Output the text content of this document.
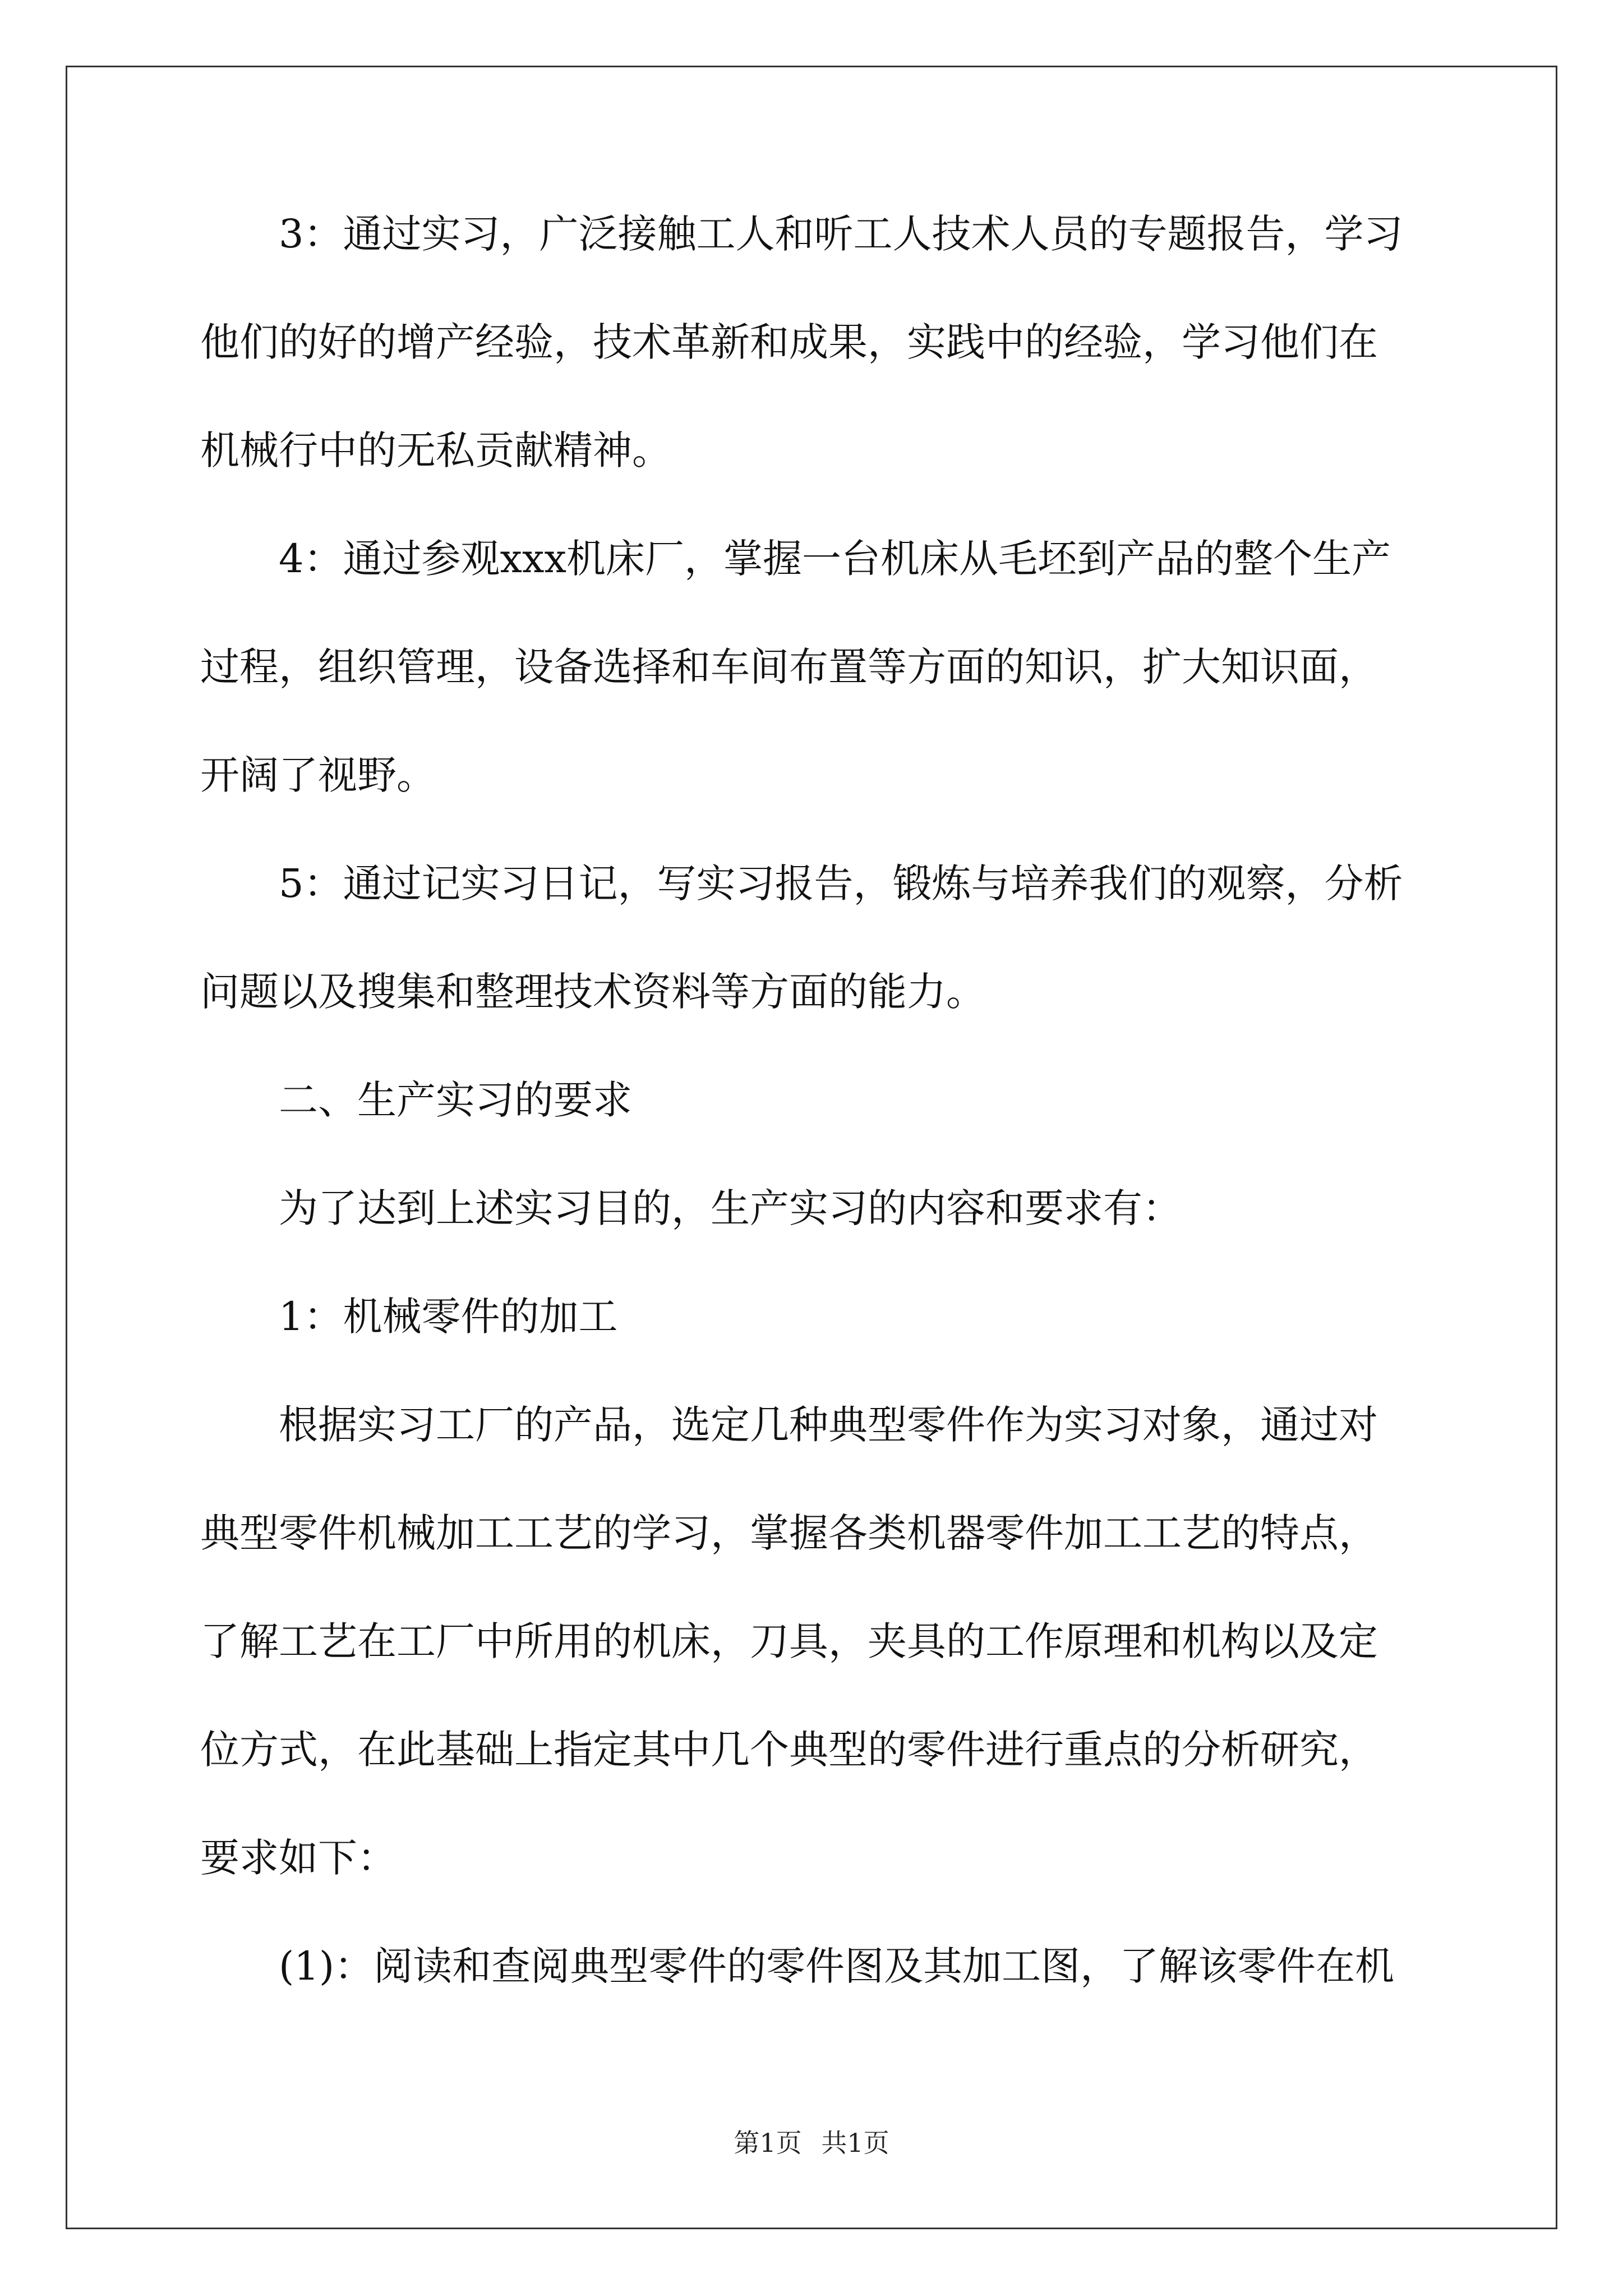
　　3：通过实习，广泛接触工人和听工人技术人员的专题报告，学习
他们的好的增产经验，技术革新和成果，实践中的经验，学习他们在
机械行中的无私贡献精神。
　　4：通过参观xxx机床厂，掌握一台机床从毛坯到产品的整个生产
过程，组织管理，设备选择和车间布置等方面的知识，扩大知识面，
开阔了视野。
　　5：通过记实习日记，写实习报告，锻炼与培养我们的观察，分析
问题以及搜集和整理技术资料等方面的能力。
　　二、生产实习的要求
　　为了达到上述实习目的，生产实习的内容和要求有：
　　1：机械零件的加工
　　根据实习工厂的产品，选定几种典型零件作为实习对象，通过对
典型零件机械加工工艺的学习，掌握各类机器零件加工工艺的特点，
了解工艺在工厂中所用的机床，刀具，夹具的工作原理和机构以及定
位方式，在此基础上指定其中几个典型的零件进行重点的分析研究，
要求如下：
　　(1)：阅读和查阅典型零件的零件图及其加工图，了解该零件在机
第1页 共1页
